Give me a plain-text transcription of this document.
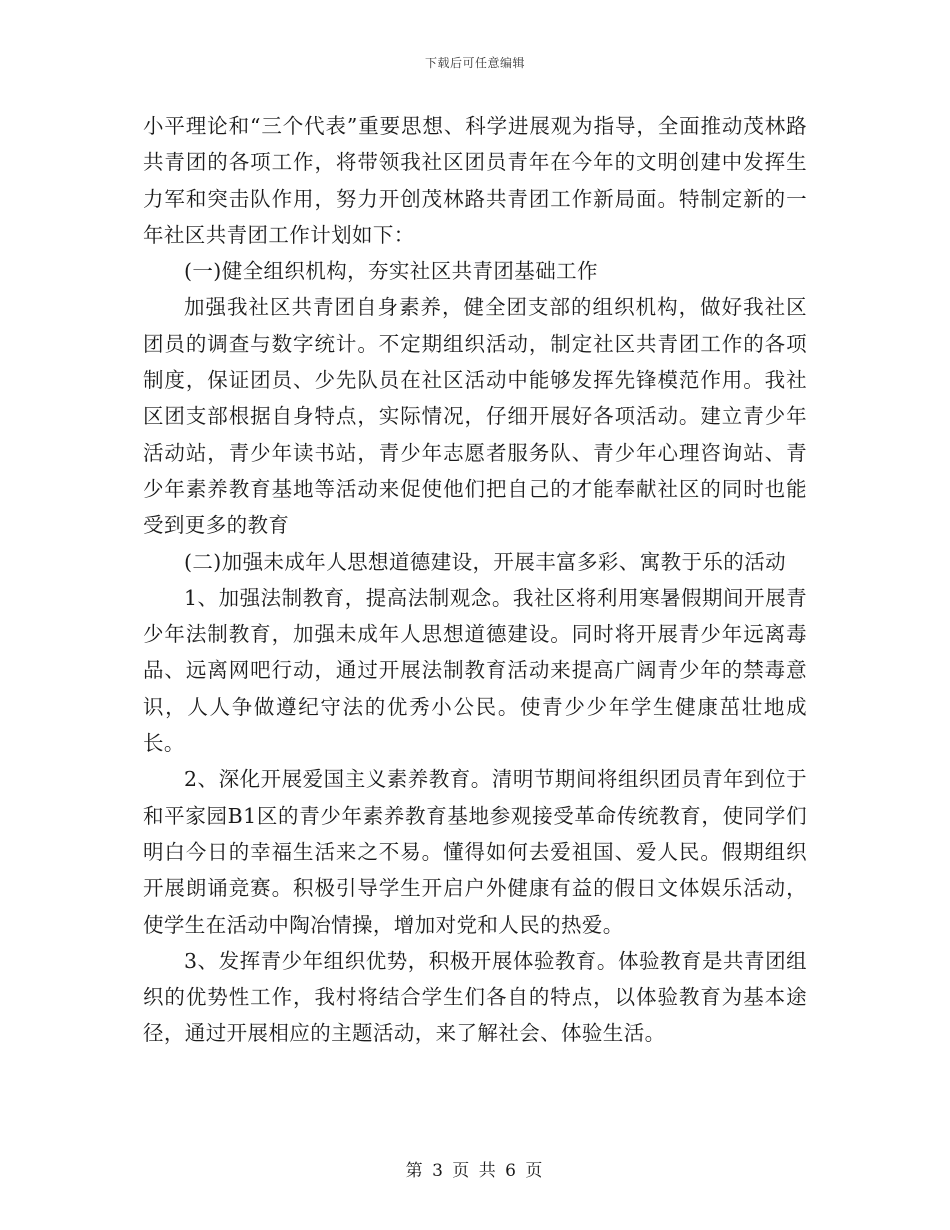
下载后可任意编辑

小平理论和“三个代表”重要思想、科学进展观为指导，全面推动茂林路共青团的各项工作，将带领我社区团员青年在今年的文明创建中发挥生力军和突击队作用，努力开创茂林路共青团工作新局面。特制定新的一年社区共青团工作计划如下：

(一)健全组织机构，夯实社区共青团基础工作

加强我社区共青团自身素养，健全团支部的组织机构，做好我社区团员的调查与数字统计。不定期组织活动，制定社区共青团工作的各项制度，保证团员、少先队员在社区活动中能够发挥先锋模范作用。我社区团支部根据自身特点，实际情况，仔细开展好各项活动。建立青少年活动站，青少年读书站，青少年志愿者服务队、青少年心理咨询站、青少年素养教育基地等活动来促使他们把自己的才能奉献社区的同时也能受到更多的教育

(二)加强未成年人思想道德建设，开展丰富多彩、寓教于乐的活动

1、加强法制教育，提高法制观念。我社区将利用寒暑假期间开展青少年法制教育，加强未成年人思想道德建设。同时将开展青少年远离毒品、远离网吧行动，通过开展法制教育活动来提高广阔青少年的禁毒意识，人人争做遵纪守法的优秀小公民。使青少少年学生健康茁壮地成长。

2、深化开展爱国主义素养教育。清明节期间将组织团员青年到位于和平家园B1区的青少年素养教育基地参观接受革命传统教育，使同学们明白今日的幸福生活来之不易。懂得如何去爱祖国、爱人民。假期组织开展朗诵竞赛。积极引导学生开启户外健康有益的假日文体娱乐活动，使学生在活动中陶冶情操，增加对党和人民的热爱。

3、发挥青少年组织优势，积极开展体验教育。体验教育是共青团组织的优势性工作，我村将结合学生们各自的特点，以体验教育为基本途径，通过开展相应的主题活动，来了解社会、体验生活。

第 3 页 共 6 页
